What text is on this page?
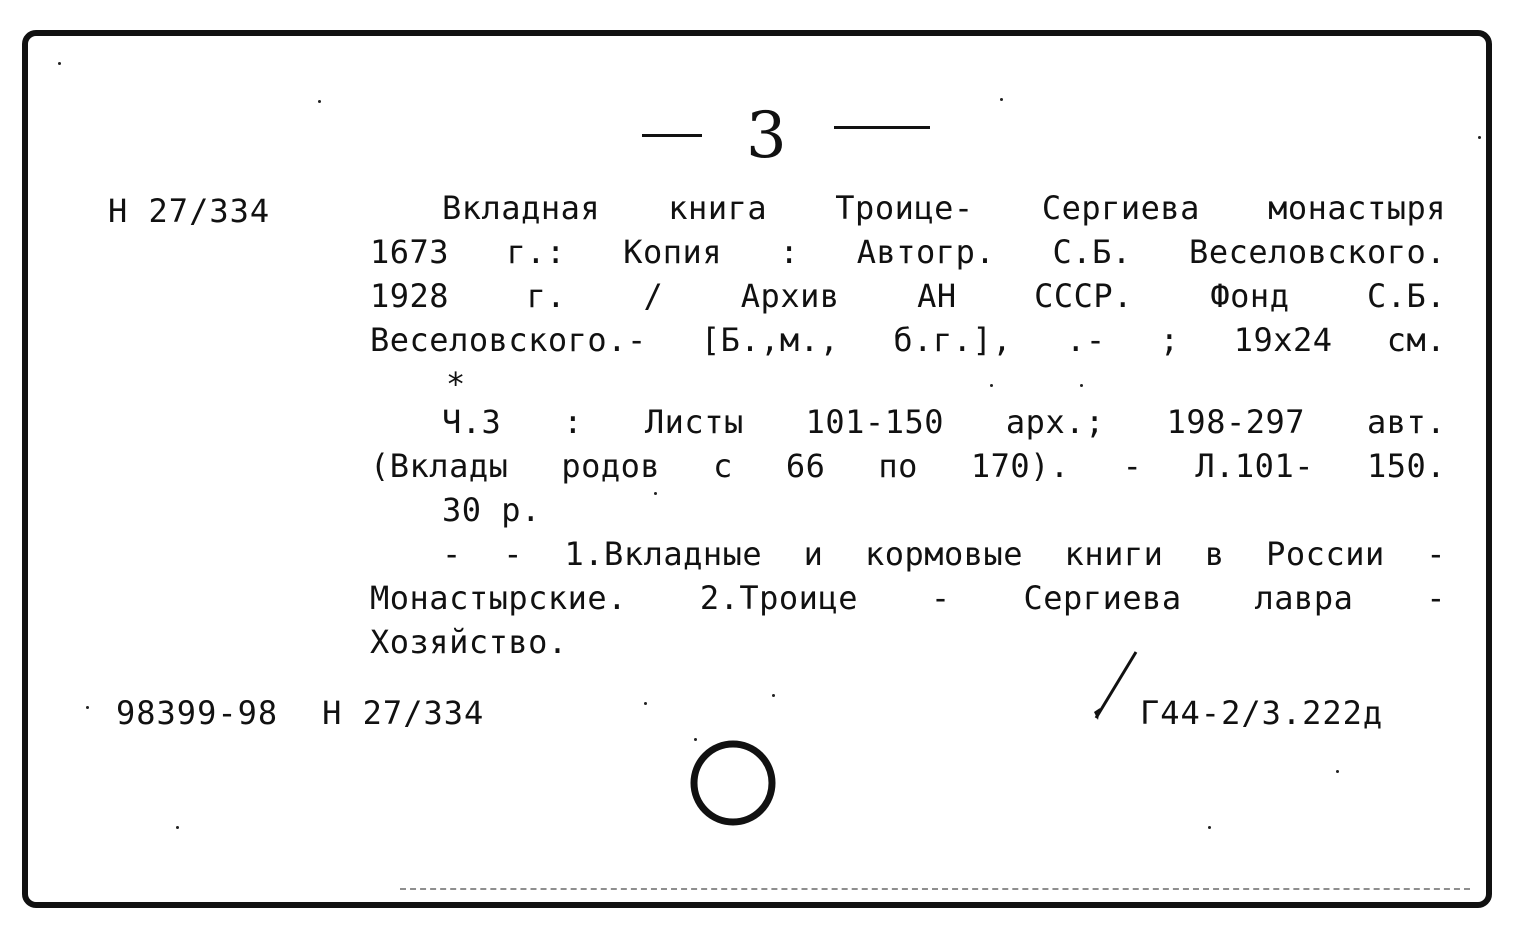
3
Н 27/334	Вкладная книга Троице- Сергиева монастыря
1673 г.: Копия : Автогр. С.Б. Веселовского.
1928 г. / Архив АН СССР. Фонд С.Б.
Веселовского.- [Б.,м., б.г.], .- ; 19x24 см.
*
Ч.3 : Листы 101-150 арх.; 198-297 авт.
(Вклады родов с 66 по 170). - Л.101- 150.
30 р.
- - 1.Вкладные и кормовые книги в России -
Монастырские. 2.Троице - Сергиева лавра -
Хозяйство.
98399-98 Н 27/334	Г44-2/3.222д
